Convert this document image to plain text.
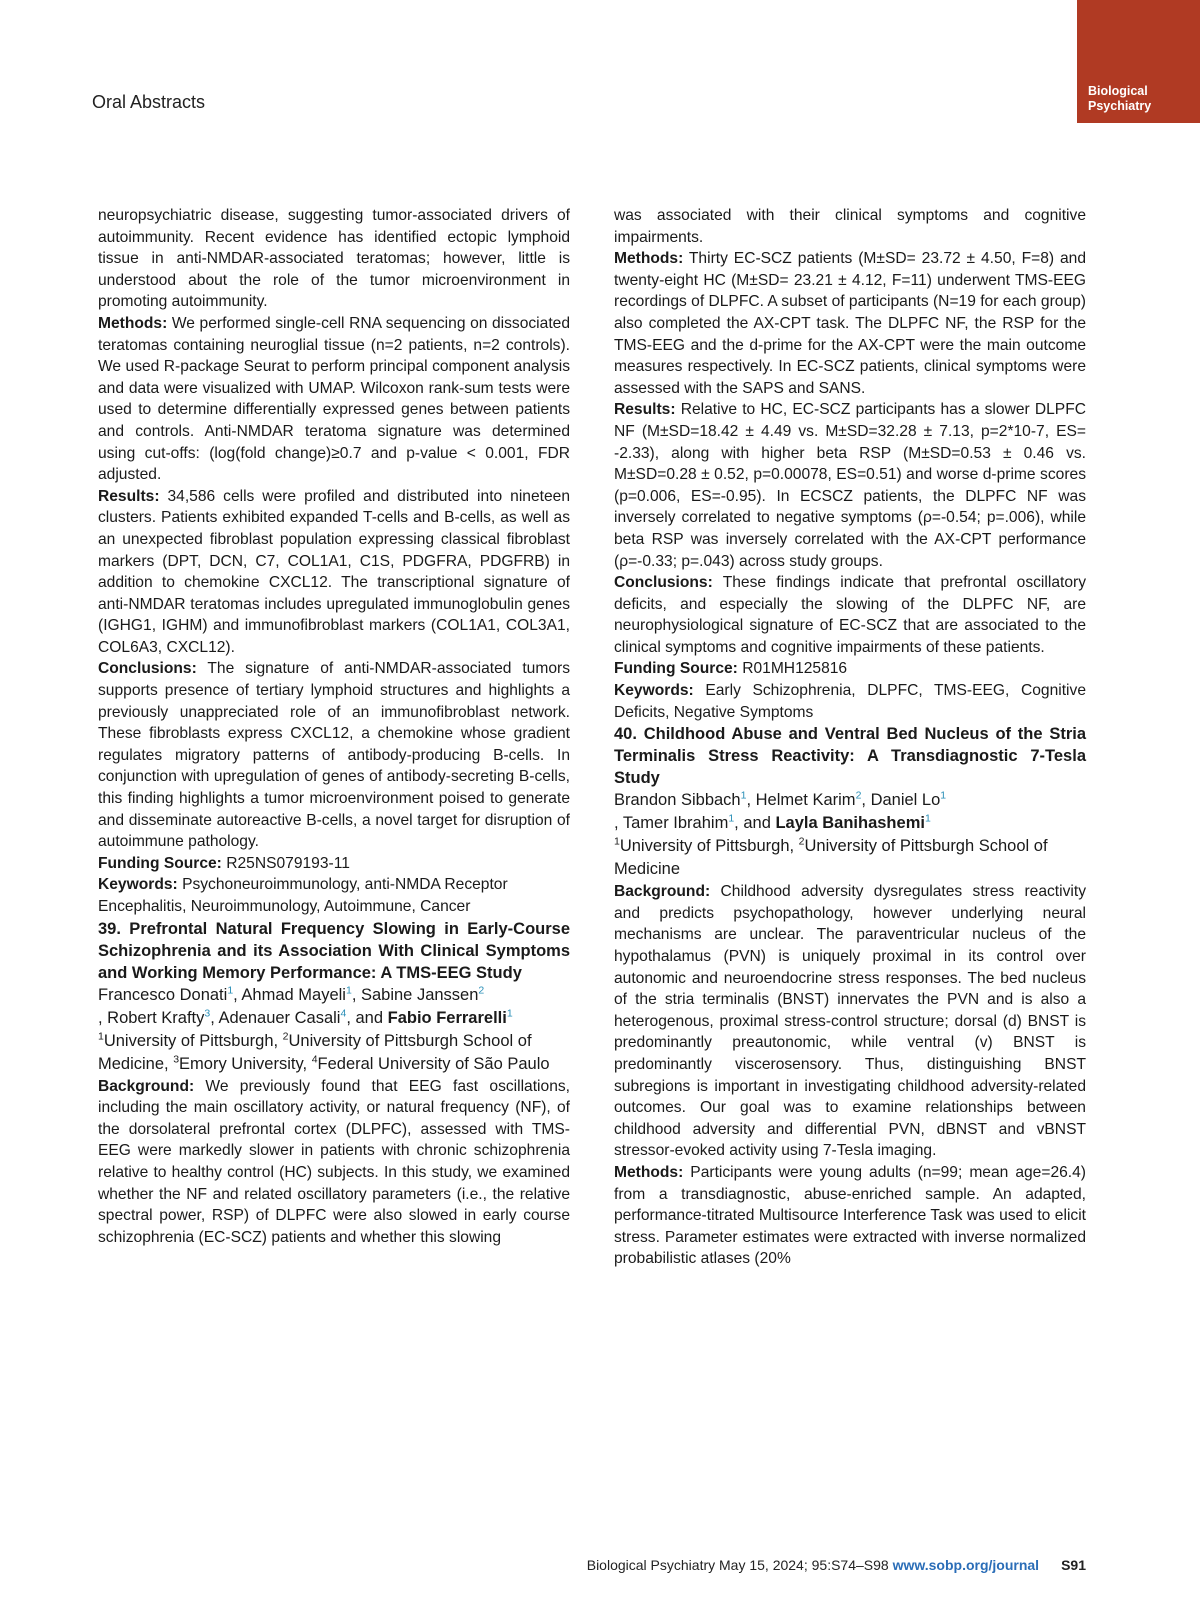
Oral Abstracts
Biological
Psychiatry

neuropsychiatric disease, suggesting tumor-associated drivers of autoimmunity. Recent evidence has identified ectopic lymphoid tissue in anti-NMDAR-associated teratomas; however, little is understood about the role of the tumor microenvironment in promoting autoimmunity.

Methods: We performed single-cell RNA sequencing on dissociated teratomas containing neuroglial tissue (n=2 patients, n=2 controls). We used R-package Seurat to perform principal component analysis and data were visualized with UMAP. Wilcoxon rank-sum tests were used to determine differentially expressed genes between patients and controls. Anti-NMDAR teratoma signature was determined using cut-offs: (log(fold change)≥0.7 and p-value < 0.001, FDR adjusted.

Results: 34,586 cells were profiled and distributed into nineteen clusters. Patients exhibited expanded T-cells and B-cells, as well as an unexpected fibroblast population expressing classical fibroblast markers (DPT, DCN, C7, COL1A1, C1S, PDGFRA, PDGFRB) in addition to chemokine CXCL12. The transcriptional signature of anti-NMDAR teratomas includes upregulated immunoglobulin genes (IGHG1, IGHM) and immunofibroblast markers (COL1A1, COL3A1, COL6A3, CXCL12).

Conclusions: The signature of anti-NMDAR-associated tumors supports presence of tertiary lymphoid structures and highlights a previously unappreciated role of an immunofibroblast network. These fibroblasts express CXCL12, a chemokine whose gradient regulates migratory patterns of antibody-producing B-cells. In conjunction with upregulation of genes of antibody-secreting B-cells, this finding highlights a tumor microenvironment poised to generate and disseminate autoreactive B-cells, a novel target for disruption of autoimmune pathology.

Funding Source: R25NS079193-11

Keywords: Psychoneuroimmunology, anti-NMDA Receptor Encephalitis, Neuroimmunology, Autoimmune, Cancer

39. Prefrontal Natural Frequency Slowing in Early-Course Schizophrenia and its Association With Clinical Symptoms and Working Memory Performance: A TMS-EEG Study

Francesco Donati$^1$, Ahmad Mayeli$^1$, Sabine Janssen$^2$
, Robert Krafty$^3$, Adenauer Casali$^4$, and Fabio Ferrarelli$^1$

$^1$University of Pittsburgh, $^2$University of Pittsburgh School of Medicine, $^3$Emory University, $^4$Federal University of São Paulo

Background: We previously found that EEG fast oscillations, including the main oscillatory activity, or natural frequency (NF), of the dorsolateral prefrontal cortex (DLPFC), assessed with TMS-EEG were markedly slower in patients with chronic schizophrenia relative to healthy control (HC) subjects. In this study, we examined whether the NF and related oscillatory parameters (i.e., the relative spectral power, RSP) of DLPFC were also slowed in early course schizophrenia (EC-SCZ) patients and whether this slowing

was associated with their clinical symptoms and cognitive impairments.

Methods: Thirty EC-SCZ patients (M±SD= 23.72 ± 4.50, F=8) and twenty-eight HC (M±SD= 23.21 ± 4.12, F=11) underwent TMS-EEG recordings of DLPFC. A subset of participants (N=19 for each group) also completed the AX-CPT task. The DLPFC NF, the RSP for the TMS-EEG and the d-prime for the AX-CPT were the main outcome measures respectively. In EC-SCZ patients, clinical symptoms were assessed with the SAPS and SANS.

Results: Relative to HC, EC-SCZ participants has a slower DLPFC NF (M±SD=18.42 ± 4.49 vs. M±SD=32.28 ± 7.13, p=2*10-7, ES= -2.33), along with higher beta RSP (M±SD=0.53 ± 0.46 vs. M±SD=0.28 ± 0.52, p=0.00078, ES=0.51) and worse d-prime scores (p=0.006, ES=-0.95). In ECSCZ patients, the DLPFC NF was inversely correlated to negative symptoms (ρ=-0.54; p=.006), while beta RSP was inversely correlated with the AX-CPT performance (ρ=-0.33; p=.043) across study groups.

Conclusions: These findings indicate that prefrontal oscillatory deficits, and especially the slowing of the DLPFC NF, are neurophysiological signature of EC-SCZ that are associated to the clinical symptoms and cognitive impairments of these patients.

Funding Source: R01MH125816

Keywords: Early Schizophrenia, DLPFC, TMS-EEG, Cognitive Deficits, Negative Symptoms

40. Childhood Abuse and Ventral Bed Nucleus of the Stria Terminalis Stress Reactivity: A Transdiagnostic 7-Tesla Study

Brandon Sibbach$^1$, Helmet Karim$^2$, Daniel Lo$^1$
, Tamer Ibrahim$^1$, and Layla Banihashemi$^1$

$^1$University of Pittsburgh, $^2$University of Pittsburgh School of Medicine

Background: Childhood adversity dysregulates stress reactivity and predicts psychopathology, however underlying neural mechanisms are unclear. The paraventricular nucleus of the hypothalamus (PVN) is uniquely proximal in its control over autonomic and neuroendocrine stress responses. The bed nucleus of the stria terminalis (BNST) innervates the PVN and is also a heterogenous, proximal stress-control structure; dorsal (d) BNST is predominantly preautonomic, while ventral (v) BNST is predominantly viscerosensory. Thus, distinguishing BNST subregions is important in investigating childhood adversity-related outcomes. Our goal was to examine relationships between childhood adversity and differential PVN, dBNST and vBNST stressor-evoked activity using 7-Tesla imaging.

Methods: Participants were young adults (n=99; mean age=26.4) from a transdiagnostic, abuse-enriched sample. An adapted, performance-titrated Multisource Interference Task was used to elicit stress. Parameter estimates were extracted with inverse normalized probabilistic atlases (20%

Biological Psychiatry May 15, 2024; 95:S74–S98 www.sobp.org/journal S91
